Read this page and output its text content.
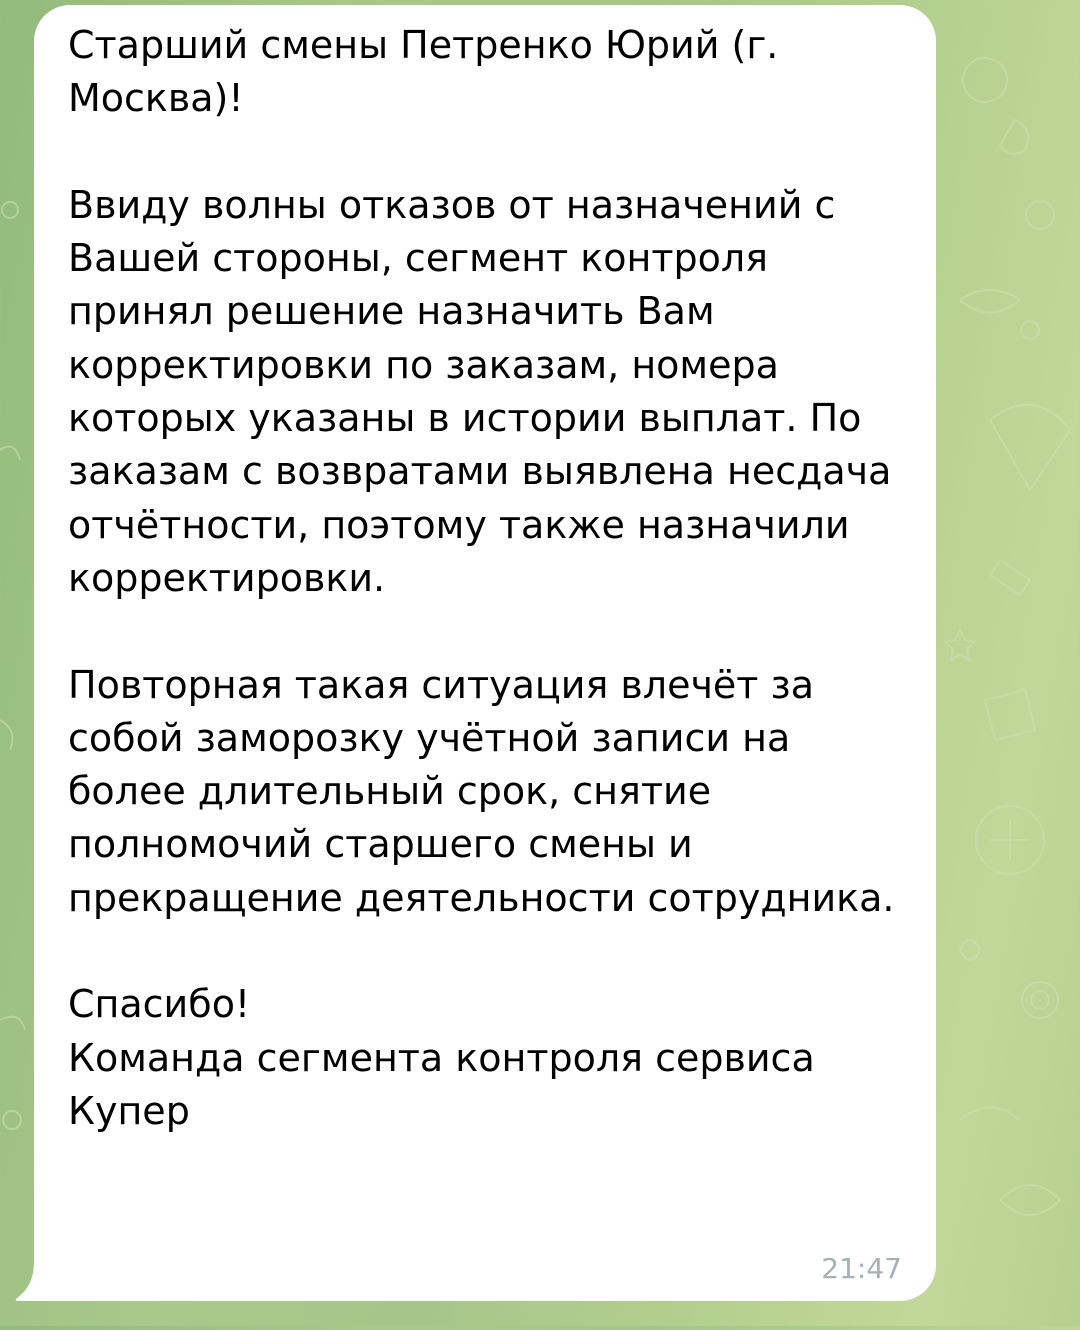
Старший смены Петренко Юрий (г. Москва)!

Ввиду волны отказов от назначений с Вашей стороны, сегмент контроля принял решение назначить Вам корректировки по заказам, номера которых указаны в истории выплат. По заказам с возвратами выявлена несдача отчётности, поэтому также назначили корректировки.

Повторная такая ситуация влечёт за собой заморозку учётной записи на более длительный срок, снятие полномочий старшего смены и прекращение деятельности сотрудника.

Спасибо!
Команда сегмента контроля сервиса Купер

21:47
